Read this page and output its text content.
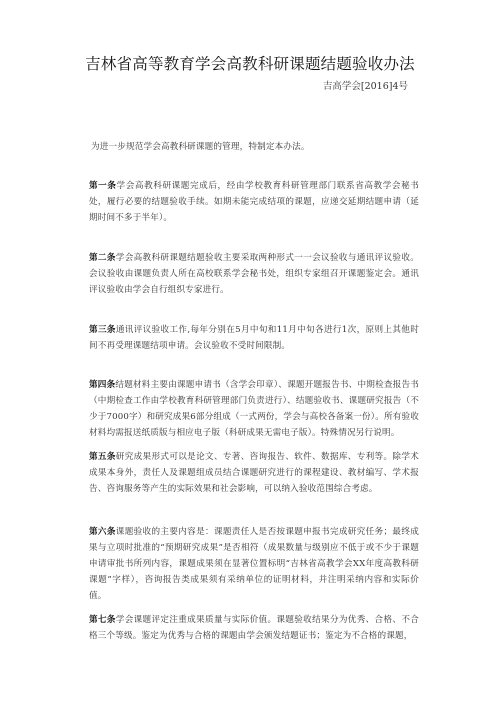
吉林省高等教育学会高教科研课题结题验收办法

吉高学会[2016]4号

为进一步规范学会高教科研课题的管理，特制定本办法。

第一条学会高教科研课题完成后，经由学校教育科研管理部门联系省高教学会秘书处，履行必要的结题验收手续。如期未能完成结项的课题，应递交延期结题申请（延期时间不多于半年）。

第二条学会高教科研课题结题验收主要采取两种形式一一会议验收与通讯评议验收。会议验收由课题负责人所在高校联系学会秘书处，组织专家组召开课题鉴定会。通讯评议验收由学会自行组织专家进行。

第三条通讯评议验收工作,每年分别在5月中旬和11月中旬各进行1次，原则上其他时间不再受理课题结项申请。会议验收不受时间限制。

第四条结题材料主要由课题申请书（含学会印章）、课题开题报告书、中期检查报告书（中期检查工作由学校教育科研管理部门负责进行）、结题验收书、课题研究报告（不少于7000字）和研究成果6部分组成（一式两份，学会与高校各备案一份）。所有验收材料均需报送纸质版与相应电子版（科研成果无需电子版）。特殊情况另行说明。

第五条研究成果形式可以是论文、专著、咨询报告、软件、数据库、专利等。除学术成果本身外，责任人及课题组成员结合课题研究进行的课程建设、教材编写、学术报告、咨询服务等产生的实际效果和社会影响，可以纳入验收范围综合考虑。

第六条课题验收的主要内容是：课题责任人是否按课题申报书完成研究任务；最终成果与立项时批准的“预期研究成果”是否相符（成果数量与级别应不低于或不少于课题申请审批书所列内容，课题成果须在显著位置标明“吉林省高教学会XX年度高教科研课题”字样），咨询报告类成果须有采纳单位的证明材料，并注明采纳内容和实际价值。

第七条学会课题评定注重成果质量与实际价值。课题验收结果分为优秀、合格、不合格三个等级。鉴定为优秀与合格的课题由学会颁发结题证书；鉴定为不合格的课题，
